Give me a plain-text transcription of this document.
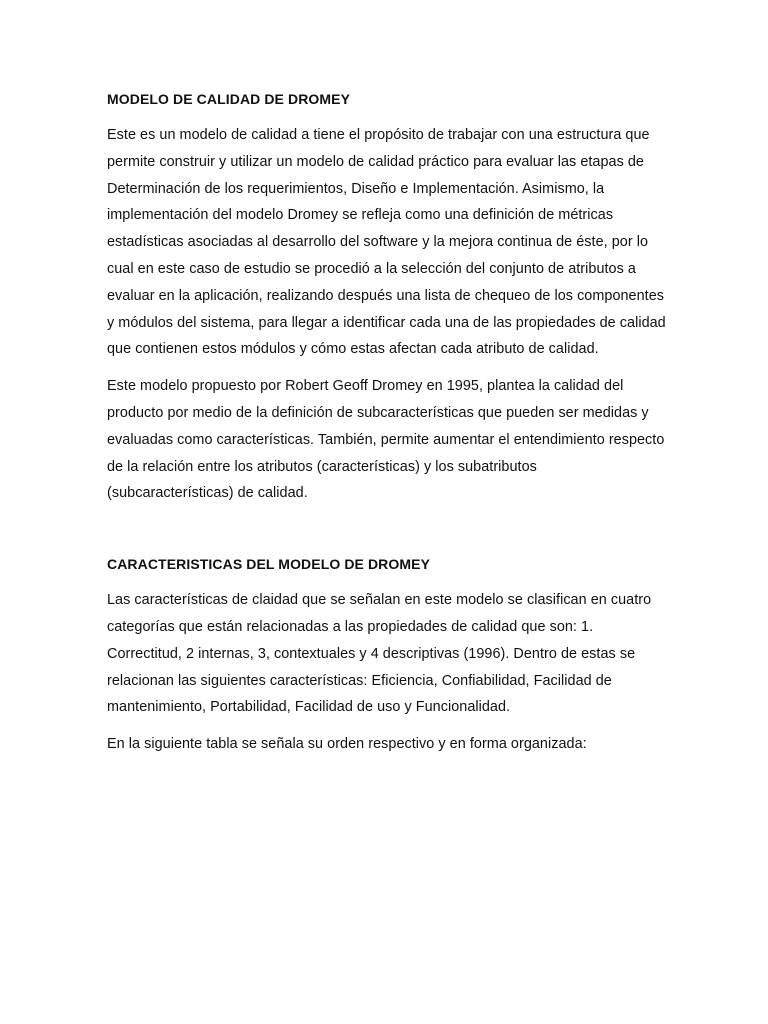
MODELO DE CALIDAD DE DROMEY

Este es un modelo de calidad a tiene el propósito de trabajar con una estructura que permite construir y utilizar un modelo de calidad práctico para evaluar las etapas de Determinación de los requerimientos, Diseño e Implementación. Asimismo, la implementación del modelo Dromey se refleja como una definición de métricas estadísticas asociadas al desarrollo del software y la mejora continua de éste, por lo cual en este caso de estudio se procedió a la selección del conjunto de atributos a evaluar en la aplicación, realizando después una lista de chequeo de los componentes y módulos del sistema, para llegar a identificar cada una de las propiedades de calidad que contienen estos módulos y cómo estas afectan cada atributo de calidad.

Este modelo propuesto por Robert Geoff Dromey en 1995, plantea la calidad del producto por medio de la definición de subcaracterísticas que pueden ser medidas y evaluadas como características. También, permite aumentar el entendimiento respecto de la relación entre los atributos (características) y los subatributos (subcaracterísticas) de calidad.

CARACTERISTICAS DEL MODELO DE DROMEY

Las características de claidad que se señalan en este modelo se clasifican en cuatro categorías que están relacionadas a las propiedades de calidad que son: 1. Correctitud, 2 internas, 3, contextuales y 4 descriptivas (1996). Dentro de estas se relacionan las siguientes características: Eficiencia, Confiabilidad, Facilidad de mantenimiento, Portabilidad, Facilidad de uso y Funcionalidad.

En la siguiente tabla se señala su orden respectivo y en forma organizada:
